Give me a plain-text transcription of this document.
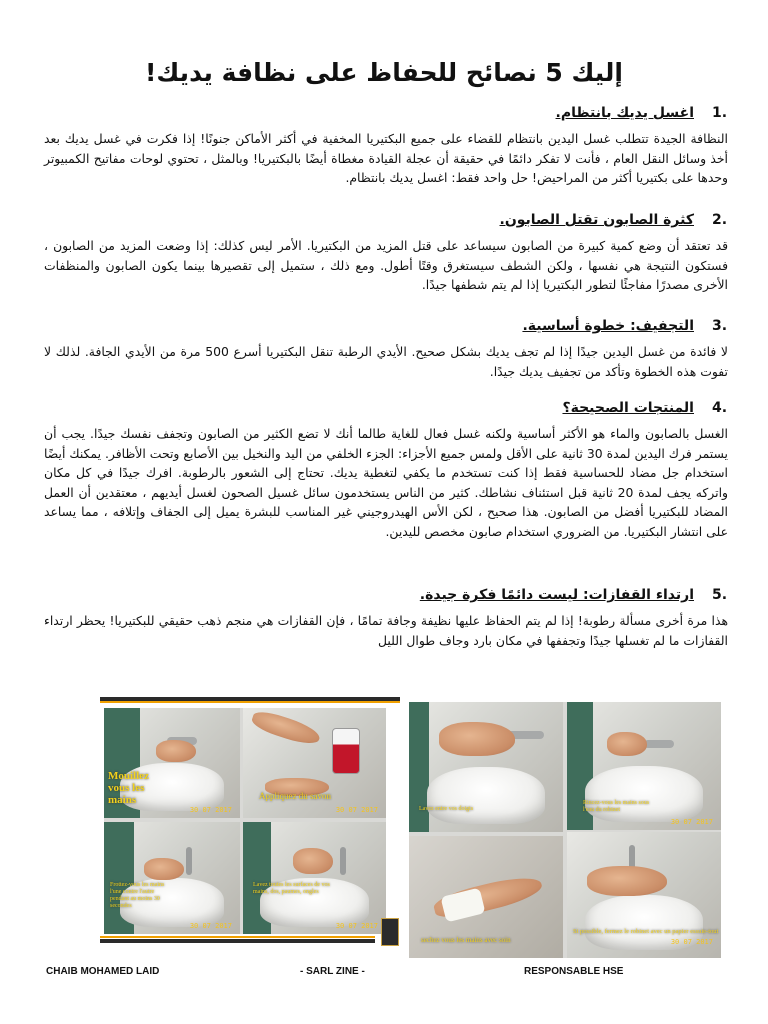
إليك 5 نصائح للحفاظ على نظافة يديك!
1.
اغسل يديك بانتظام.
النظافة الجيدة تتطلب غسل اليدين بانتظام للقضاء على جميع البكتيريا المخفية في أكثر الأماكن جنونًا! إذا فكرت في غسل يديك بعد أخذ وسائل النقل العام ، فأنت لا تفكر دائمًا في حقيقة أن عجلة القيادة مغطاة أيضًا بالبكتيريا! وبالمثل ، تحتوي لوحات مفاتيح الكمبيوتر وحدها على بكتيريا أكثر من المراحيض! حل واحد فقط: اغسل يديك بانتظام.
2.
كثرة الصابون تقتل الصابون.
قد تعتقد أن وضع كمية كبيرة من الصابون سيساعد على قتل المزيد من البكتيريا. الأمر ليس كذلك: إذا وضعت المزيد من الصابون ، فستكون النتيجة هي نفسها ، ولكن الشطف سيستغرق وقتًا أطول. ومع ذلك ، ستميل إلى تقصيرها بينما يكون الصابون والمنظفات الأخرى مصدرًا مفاجئًا لتطور البكتيريا إذا لم يتم شطفها جيدًا.
3.
التجفيف: خطوة أساسية.
لا فائدة من غسل اليدين جيدًا إذا لم تجف يديك بشكل صحيح. الأيدي الرطبة تنقل البكتيريا أسرع 500 مرة من الأيدي الجافة. لذلك لا تفوت هذه الخطوة وتأكد من تجفيف يديك جيدًا.
4.
المنتجات الصحيحة؟
الغسل بالصابون والماء هو الأكثر أساسية ولكنه غسل فعال للغاية طالما أنك لا تضع الكثير من الصابون وتجفف نفسك جيدًا. يجب أن يستمر فرك اليدين لمدة 30 ثانية على الأقل ولمس جميع الأجزاء: الجزء الخلفي من اليد والنخيل بين الأصابع وتحت الأظافر. يمكنك أيضًا استخدام جل مضاد للحساسية فقط إذا كنت تستخدم ما يكفي لتغطية يديك. تحتاج إلى الشعور بالرطوبة. افرك جيدًا في كل مكان واتركه يجف لمدة 20 ثانية قبل استئناف نشاطك. كثير من الناس يستخدمون سائل غسيل الصحون لغسل أيديهم ، معتقدين أن العمل المضاد للبكتيريا أفضل من الصابون. هذا صحيح ، لكن الأس الهيدروجيني غير المناسب للبشرة يميل إلى الجفاف وإتلافه ، مما يساعد على انتشار البكتيريا. من الضروري استخدام صابون مخصص لليدين.
5.
ارتداء القفازات: ليست دائمًا فكرة جيدة.
هذا مرة أخرى مسألة رطوبة! إذا لم يتم الحفاظ عليها نظيفة وجافة تمامًا ، فإن القفازات هي منجم ذهب حقيقي للبكتيريا! يحظر ارتداء القفازات ما لم تغسلها جيدًا وتجففها في مكان بارد وجاف طوال الليل
Mouillez vous les mains
30 07 2017
Appliquez du savon
30 07 2017
Frottez-vous les mains l'une contre l'autre pendant au moins 30 secondes
30 07 2017
Lavez toutes les surfaces de vos mains, dos, paumes, ongles
30 07 2017
Rincez-vous les mains sous l'eau du robinet
30 07 2017
Lavez entre vos doigts
sechez vous les mains avec soin
Si possible, fermez le robinet avec un papier essuie-tout
30 07 2017
CHAIB MOHAMED LAID	- SARL ZINE -	RESPONSABLE HSE
